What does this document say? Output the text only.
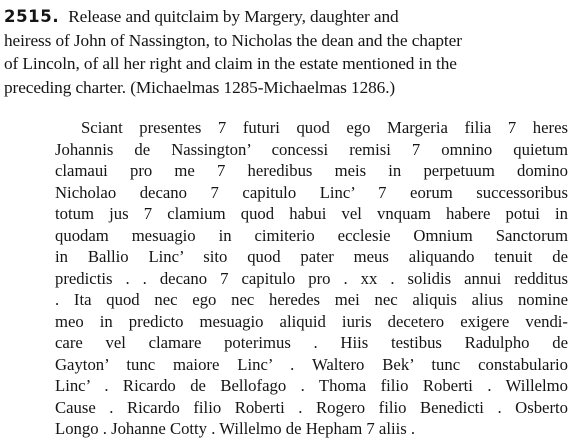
2515. Release and quitclaim by Margery, daughter and
heiress of John of Nassington, to Nicholas the dean and the chapter
of Lincoln, of all her right and claim in the estate mentioned in the
preceding charter. (Michaelmas 1285-Michaelmas 1286.)
Sciant presentes 7 futuri quod ego Margeria filia 7 heres
Johannis de Nassington’ concessi remisi 7 omnino quietum
clamaui pro me 7 heredibus meis in perpetuum domino
Nicholao decano 7 capitulo Linc’ 7 eorum successoribus
totum jus 7 clamium quod habui vel vnquam habere potui in
quodam mesuagio in cimiterio ecclesie Omnium Sanctorum
in Ballio Linc’ sito quod pater meus aliquando tenuit de
predictis . . decano 7 capitulo pro . xx . solidis annui redditus
. Ita quod nec ego nec heredes mei nec aliquis alius nomine
meo in predicto mesuagio aliquid iuris decetero exigere vendi-
care vel clamare poterimus . Hiis testibus Radulpho de
Gayton’ tunc maiore Linc’ . Waltero Bek’ tunc constabulario
Linc’ . Ricardo de Bellofago . Thoma filio Roberti . Willelmo
Cause . Ricardo filio Roberti . Rogero filio Benedicti . Osberto
Longo . Johanne Cotty . Willelmo de Hepham 7 aliis .
